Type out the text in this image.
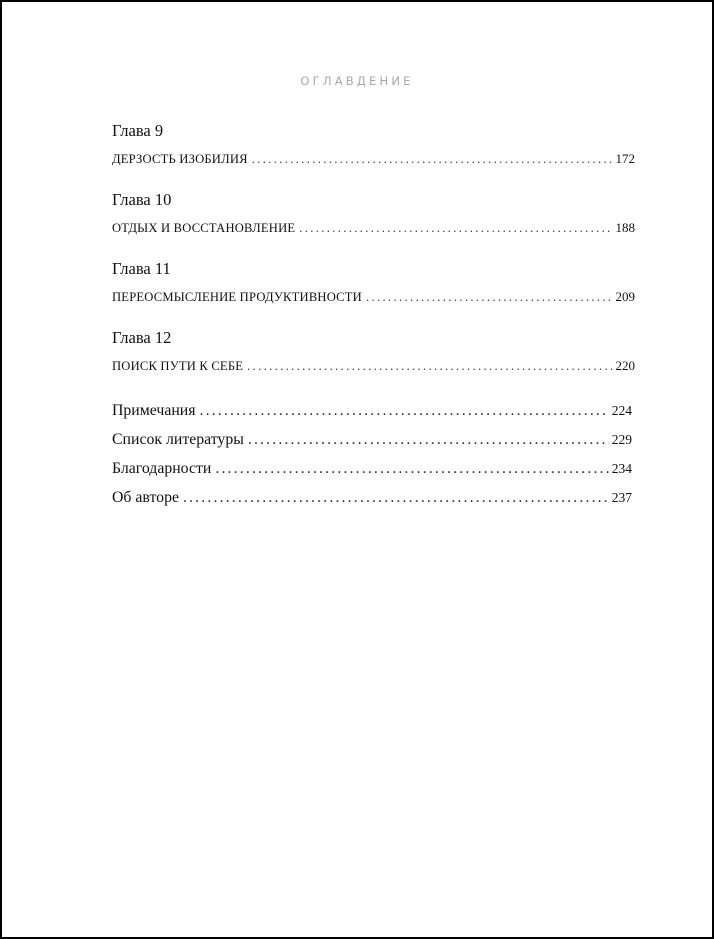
ОГЛАВДЕНИЕ
Глава 9
ДЕРЗОСТЬ ИЗОБИЛИЯ . . .	172
Глава 10
ОТДЫХ И ВОССТАНОВЛЕНИЕ . . .	188
Глава 11
ПЕРЕОСМЫСЛЕНИЕ ПРОДУКТИВНОСТИ . . .	209
Глава 12
ПОИСК ПУТИ К СЕБЕ . . .	220
Примечания . . .	224
Список литературы . . .	229
Благодарности . . .	234
Об авторе . . .	237
